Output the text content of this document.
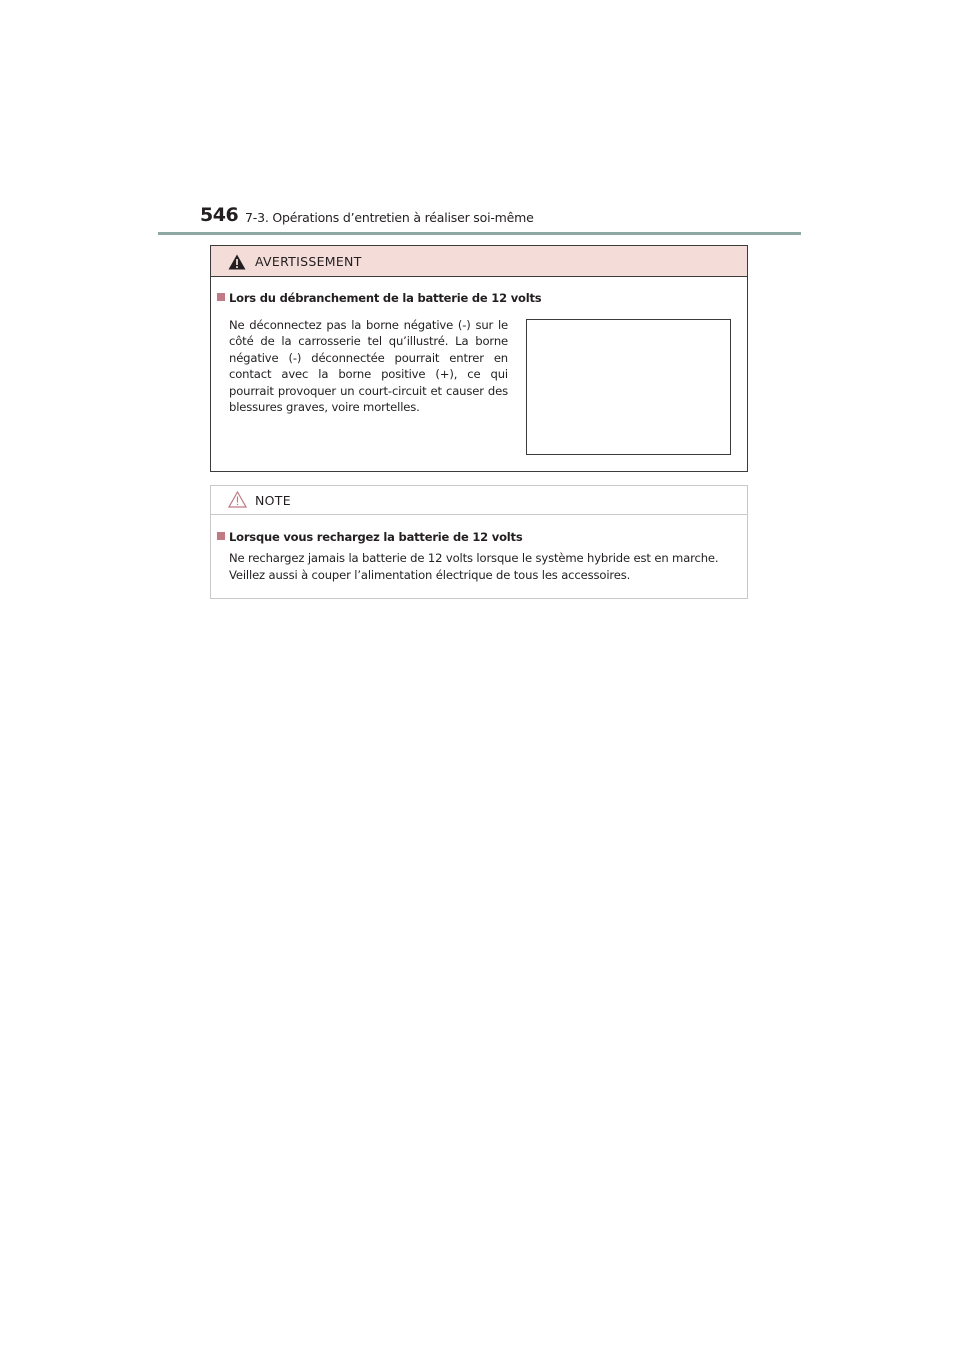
546 7-3. Opérations d’entretien à réaliser soi-même
AVERTISSEMENT
Lors du débranchement de la batterie de 12 volts
Ne déconnectez pas la borne négative (-) sur le côté de la carrosserie tel qu’illustré. La borne négative (-) déconnectée pourrait entrer en contact avec la borne positive (+), ce qui pourrait provoquer un court-circuit et causer des blessures graves, voire mortelles.
NOTE
Lorsque vous rechargez la batterie de 12 volts
Ne rechargez jamais la batterie de 12 volts lorsque le système hybride est en marche.
Veillez aussi à couper l’alimentation électrique de tous les accessoires.
